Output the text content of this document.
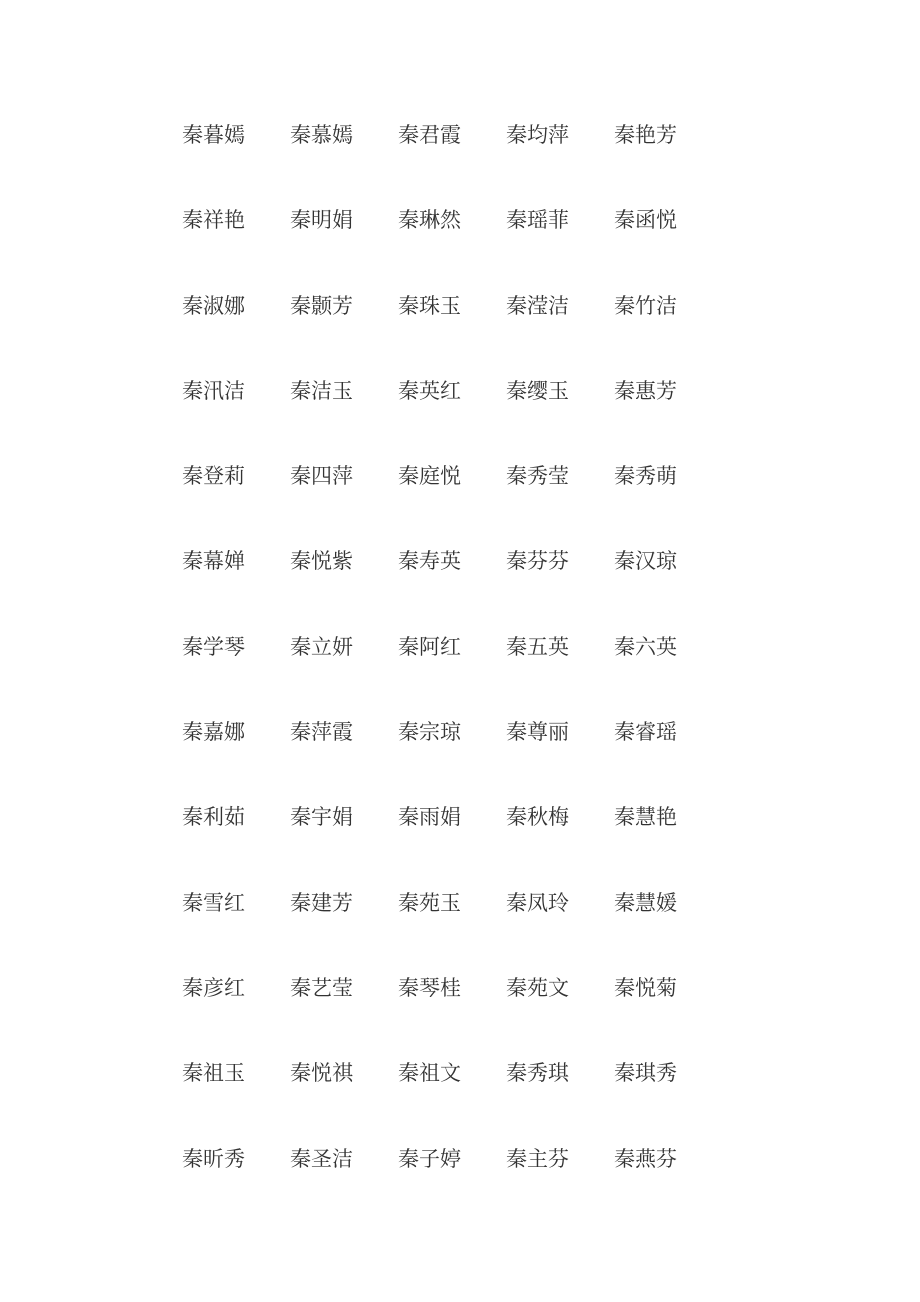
秦暮嫣	秦慕嫣	秦君霞	秦均萍	秦艳芳
秦祥艳	秦明娟	秦琳然	秦瑶菲	秦函悦
秦淑娜	秦颢芳	秦珠玉	秦滢洁	秦竹洁
秦汛洁	秦洁玉	秦英红	秦缨玉	秦惠芳
秦登莉	秦四萍	秦庭悦	秦秀莹	秦秀萌
秦幕婵	秦悦紫	秦寿英	秦芬芬	秦汉琼
秦学琴	秦立妍	秦阿红	秦五英	秦六英
秦嘉娜	秦萍霞	秦宗琼	秦尊丽	秦睿瑶
秦利茹	秦宇娟	秦雨娟	秦秋梅	秦慧艳
秦雪红	秦建芳	秦苑玉	秦凤玲	秦慧媛
秦彦红	秦艺莹	秦琴桂	秦苑文	秦悦菊
秦祖玉	秦悦祺	秦祖文	秦秀琪	秦琪秀
秦昕秀	秦圣洁	秦子婷	秦主芬	秦燕芬
